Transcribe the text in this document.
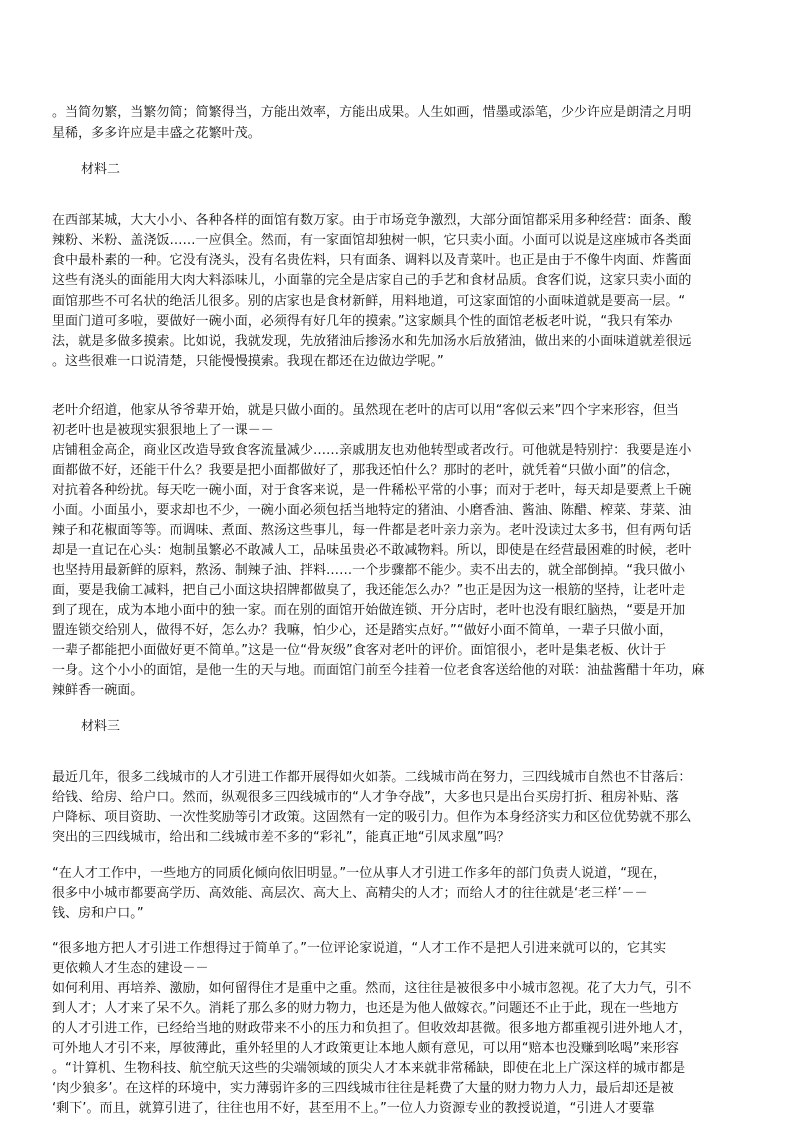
。当简勿繁，当繁勿简；简繁得当，方能出效率，方能出成果。人生如画，惜墨或添笔，少少许应是朗清之月明
星稀，多多许应是丰盛之花繁叶茂。
材料二
在西部某城，大大小小、各种各样的面馆有数万家。由于市场竞争激烈，大部分面馆都采用多种经营：面条、酸
辣粉、米粉、盖浇饭……一应俱全。然而，有一家面馆却独树一帜，它只卖小面。小面可以说是这座城市各类面
食中最朴素的一种。它没有浇头，没有名贵佐料，只有面条、调料以及青菜叶。也正是由于不像牛肉面、炸酱面
这些有浇头的面能用大肉大料添味儿，小面靠的完全是店家自己的手艺和食材品质。食客们说，这家只卖小面的
面馆那些不可名状的绝活儿很多。别的店家也是食材新鲜，用料地道，可这家面馆的小面味道就是要高一层。“
里面门道可多啦，要做好一碗小面，必须得有好几年的摸索。”这家颇具个性的面馆老板老叶说，“我只有笨办
法，就是多做多摸索。比如说，我就发现，先放猪油后掺汤水和先加汤水后放猪油，做出来的小面味道就差很远
。这些很难一口说清楚，只能慢慢摸索。我现在都还在边做边学呢。”
老叶介绍道，他家从爷爷辈开始，就是只做小面的。虽然现在老叶的店可以用“客似云来”四个字来形容，但当
初老叶也是被现实狠狠地上了一课－－
店铺租金高企，商业区改造导致食客流量减少……亲戚朋友也劝他转型或者改行。可他就是特别拧：我要是连小
面都做不好，还能干什么？我要是把小面都做好了，那我还怕什么？那时的老叶，就凭着“只做小面”的信念，
对抗着各种纷扰。每天吃一碗小面，对于食客来说，是一件稀松平常的小事；而对于老叶，每天却是要煮上千碗
小面。小面虽小，要求却也不少，一碗小面必须包括当地特定的猪油、小磨香油、酱油、陈醋、榨菜、芽菜、油
辣子和花椒面等等。而调味、煮面、熬汤这些事儿，每一件都是老叶亲力亲为。老叶没读过太多书，但有两句话
却是一直记在心头：炮制虽繁必不敢减人工，品味虽贵必不敢减物料。所以，即使是在经营最困难的时候，老叶
也坚持用最新鲜的原料，熬汤、制辣子油、拌料……一个步骤都不能少。卖不出去的，就全部倒掉。“我只做小
面，要是我偷工减料，把自己小面这块招牌都做臭了，我还能怎么办？”也正是因为这一根筋的坚持，让老叶走
到了现在，成为本地小面中的独一家。而在别的面馆开始做连锁、开分店时，老叶也没有眼红脑热，“要是开加
盟连锁交给别人，做得不好，怎么办？我嘛，怕少心，还是踏实点好。”“做好小面不简单，一辈子只做小面，
一辈子都能把小面做好更不简单。”这是一位“骨灰级”食客对老叶的评价。面馆很小，老叶是集老板、伙计于
一身。这个小小的面馆，是他一生的天与地。而面馆门前至今挂着一位老食客送给他的对联：油盐酱醋十年功，麻
辣鲜香一碗面。
材料三
最近几年，很多二线城市的人才引进工作都开展得如火如荼。二线城市尚在努力，三四线城市自然也不甘落后：
给钱、给房、给户口。然而，纵观很多三四线城市的“人才争夺战”，大多也只是出台买房打折、租房补贴、落
户降标、项目资助、一次性奖励等引才政策。这固然有一定的吸引力。但作为本身经济实力和区位优势就不那么
突出的三四线城市，给出和二线城市差不多的“彩礼”，能真正地“引凤求凰”吗？
“在人才工作中，一些地方的同质化倾向依旧明显。”一位从事人才引进工作多年的部门负责人说道，“现在，
很多中小城市都要高学历、高效能、高层次、高大上、高精尖的人才；而给人才的往往就是‘老三样’－－
钱、房和户口。”
“很多地方把人才引进工作想得过于简单了。”一位评论家说道，“人才工作不是把人引进来就可以的，它其实
更依赖人才生态的建设－－
如何利用、再培养、激励，如何留得住才是重中之重。然而，这往往是被很多中小城市忽视。花了大力气，引不
到人才；人才来了呆不久。消耗了那么多的财力物力，也还是为他人做嫁衣。”问题还不止于此，现在一些地方
的人才引进工作，已经给当地的财政带来不小的压力和负担了。但收效却甚微。很多地方都重视引进外地人才，
可外地人才引不来，厚彼薄此，重外轻里的人才政策更让本地人颇有意见，可以用“赔本也没赚到吆喝”来形容
。“计算机、生物科技、航空航天这些的尖端领域的顶尖人才本来就非常稀缺，即使在北上广深这样的城市都是
‘肉少狼多’。在这样的环境中，实力薄弱许多的三四线城市往往是耗费了大量的财力物力人力，最后却还是被
‘剩下’。而且，就算引进了，往往也用不好，甚至用不上。”一位人力资源专业的教授说道，“引进人才要靠
